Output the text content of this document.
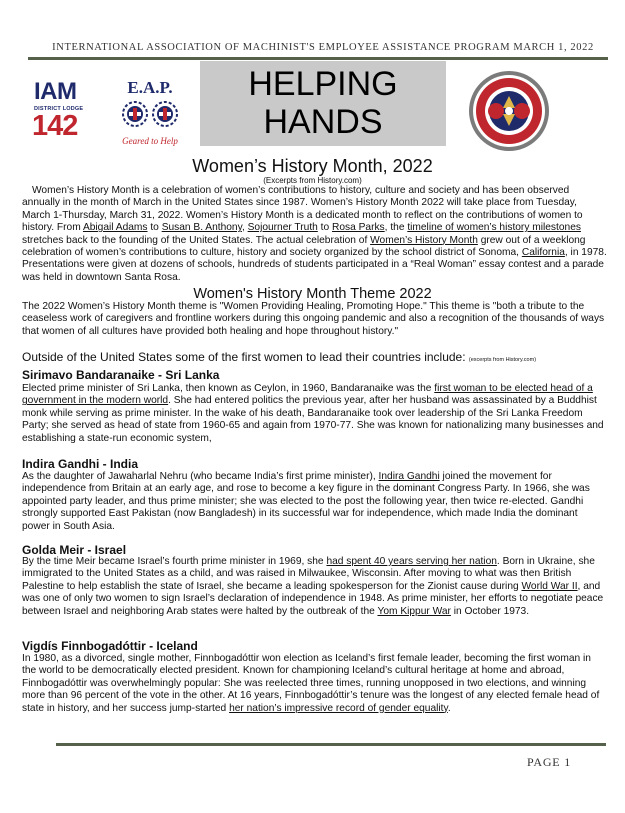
INTERNATIONAL ASSOCIATION OF MACHINIST'S EMPLOYEE ASSISTANCE PROGRAM MARCH 1, 2022
IAM
DISTRICT LODGE
142
E.A.P.
Geared to Help
HELPING
HANDS
Women’s History Month, 2022
(Excerpts from History.com)

Women’s History Month is a celebration of women’s contributions to history, culture and society and has been observed annually in the month of March in the United States since 1987. Women’s History Month 2022 will take place from Tuesday, March 1-Thursday, March 31, 2022. Women’s History Month is a dedicated month to reflect on the contributions of women to history. From Abigail Adams to Susan B. Anthony, Sojourner Truth to Rosa Parks, the timeline of women’s history milestones stretches back to the founding of the United States. The actual celebration of Women’s History Month grew out of a weeklong celebration of women’s contributions to culture, history and society organized by the school district of Sonoma, California, in 1978. Presentations were given at dozens of schools, hundreds of students participated in a “Real Woman” essay contest and a parade was held in downtown Santa Rosa.

Women's History Month Theme 2022

The 2022 Women’s History Month theme is "Women Providing Healing, Promoting Hope." This theme is "both a tribute to the ceaseless work of caregivers and frontline workers during this ongoing pandemic and also a recognition of the thousands of ways that women of all cultures have provided both healing and hope throughout history."

Outside of the United States some of the first women to lead their countries include: (excerpts from History.com)
Sirimavo Bandaranaike - Sri Lanka

Elected prime minister of Sri Lanka, then known as Ceylon, in 1960, Bandaranaike was the first woman to be elected head of a government in the modern world. She had entered politics the previous year, after her husband was assassinated by a Buddhist monk while serving as prime minister. In the wake of his death, Bandaranaike took over leadership of the Sri Lanka Freedom Party; she served as head of state from 1960-65 and again from 1970-77. She was known for nationalizing many businesses and establishing a state-run economic system,

Indira Gandhi - India

As the daughter of Jawaharlal Nehru (who became India’s first prime minister), Indira Gandhi joined the movement for independence from Britain at an early age, and rose to become a key figure in the dominant Congress Party. In 1966, she was appointed party leader, and thus prime minister; she was elected to the post the following year, then twice re-elected. Gandhi strongly supported East Pakistan (now Bangladesh) in its successful war for independence, which made India the dominant power in South Asia.

Golda Meir - Israel

By the time Meir became Israel’s fourth prime minister in 1969, she had spent 40 years serving her nation. Born in Ukraine, she immigrated to the United States as a child, and was raised in Milwaukee, Wisconsin. After moving to what was then British Palestine to help establish the state of Israel, she became a leading spokesperson for the Zionist cause during World War II, and was one of only two women to sign Israel’s declaration of independence in 1948. As prime minister, her efforts to negotiate peace between Israel and neighboring Arab states were halted by the outbreak of the Yom Kippur War in October 1973.

Vigdís Finnbogadóttir - Iceland

In 1980, as a divorced, single mother, Finnbogadóttir won election as Iceland’s first female leader, becoming the first woman in the world to be democratically elected president. Known for championing Iceland’s cultural heritage at home and abroad, Finnbogadóttir was overwhelmingly popular: She was reelected three times, running unopposed in two elections, and winning more than 96 percent of the vote in the other. At 16 years, Finnbogadóttir’s tenure was the longest of any elected female head of state in history, and her success jump-started her nation’s impressive record of gender equality.

PAGE 1
